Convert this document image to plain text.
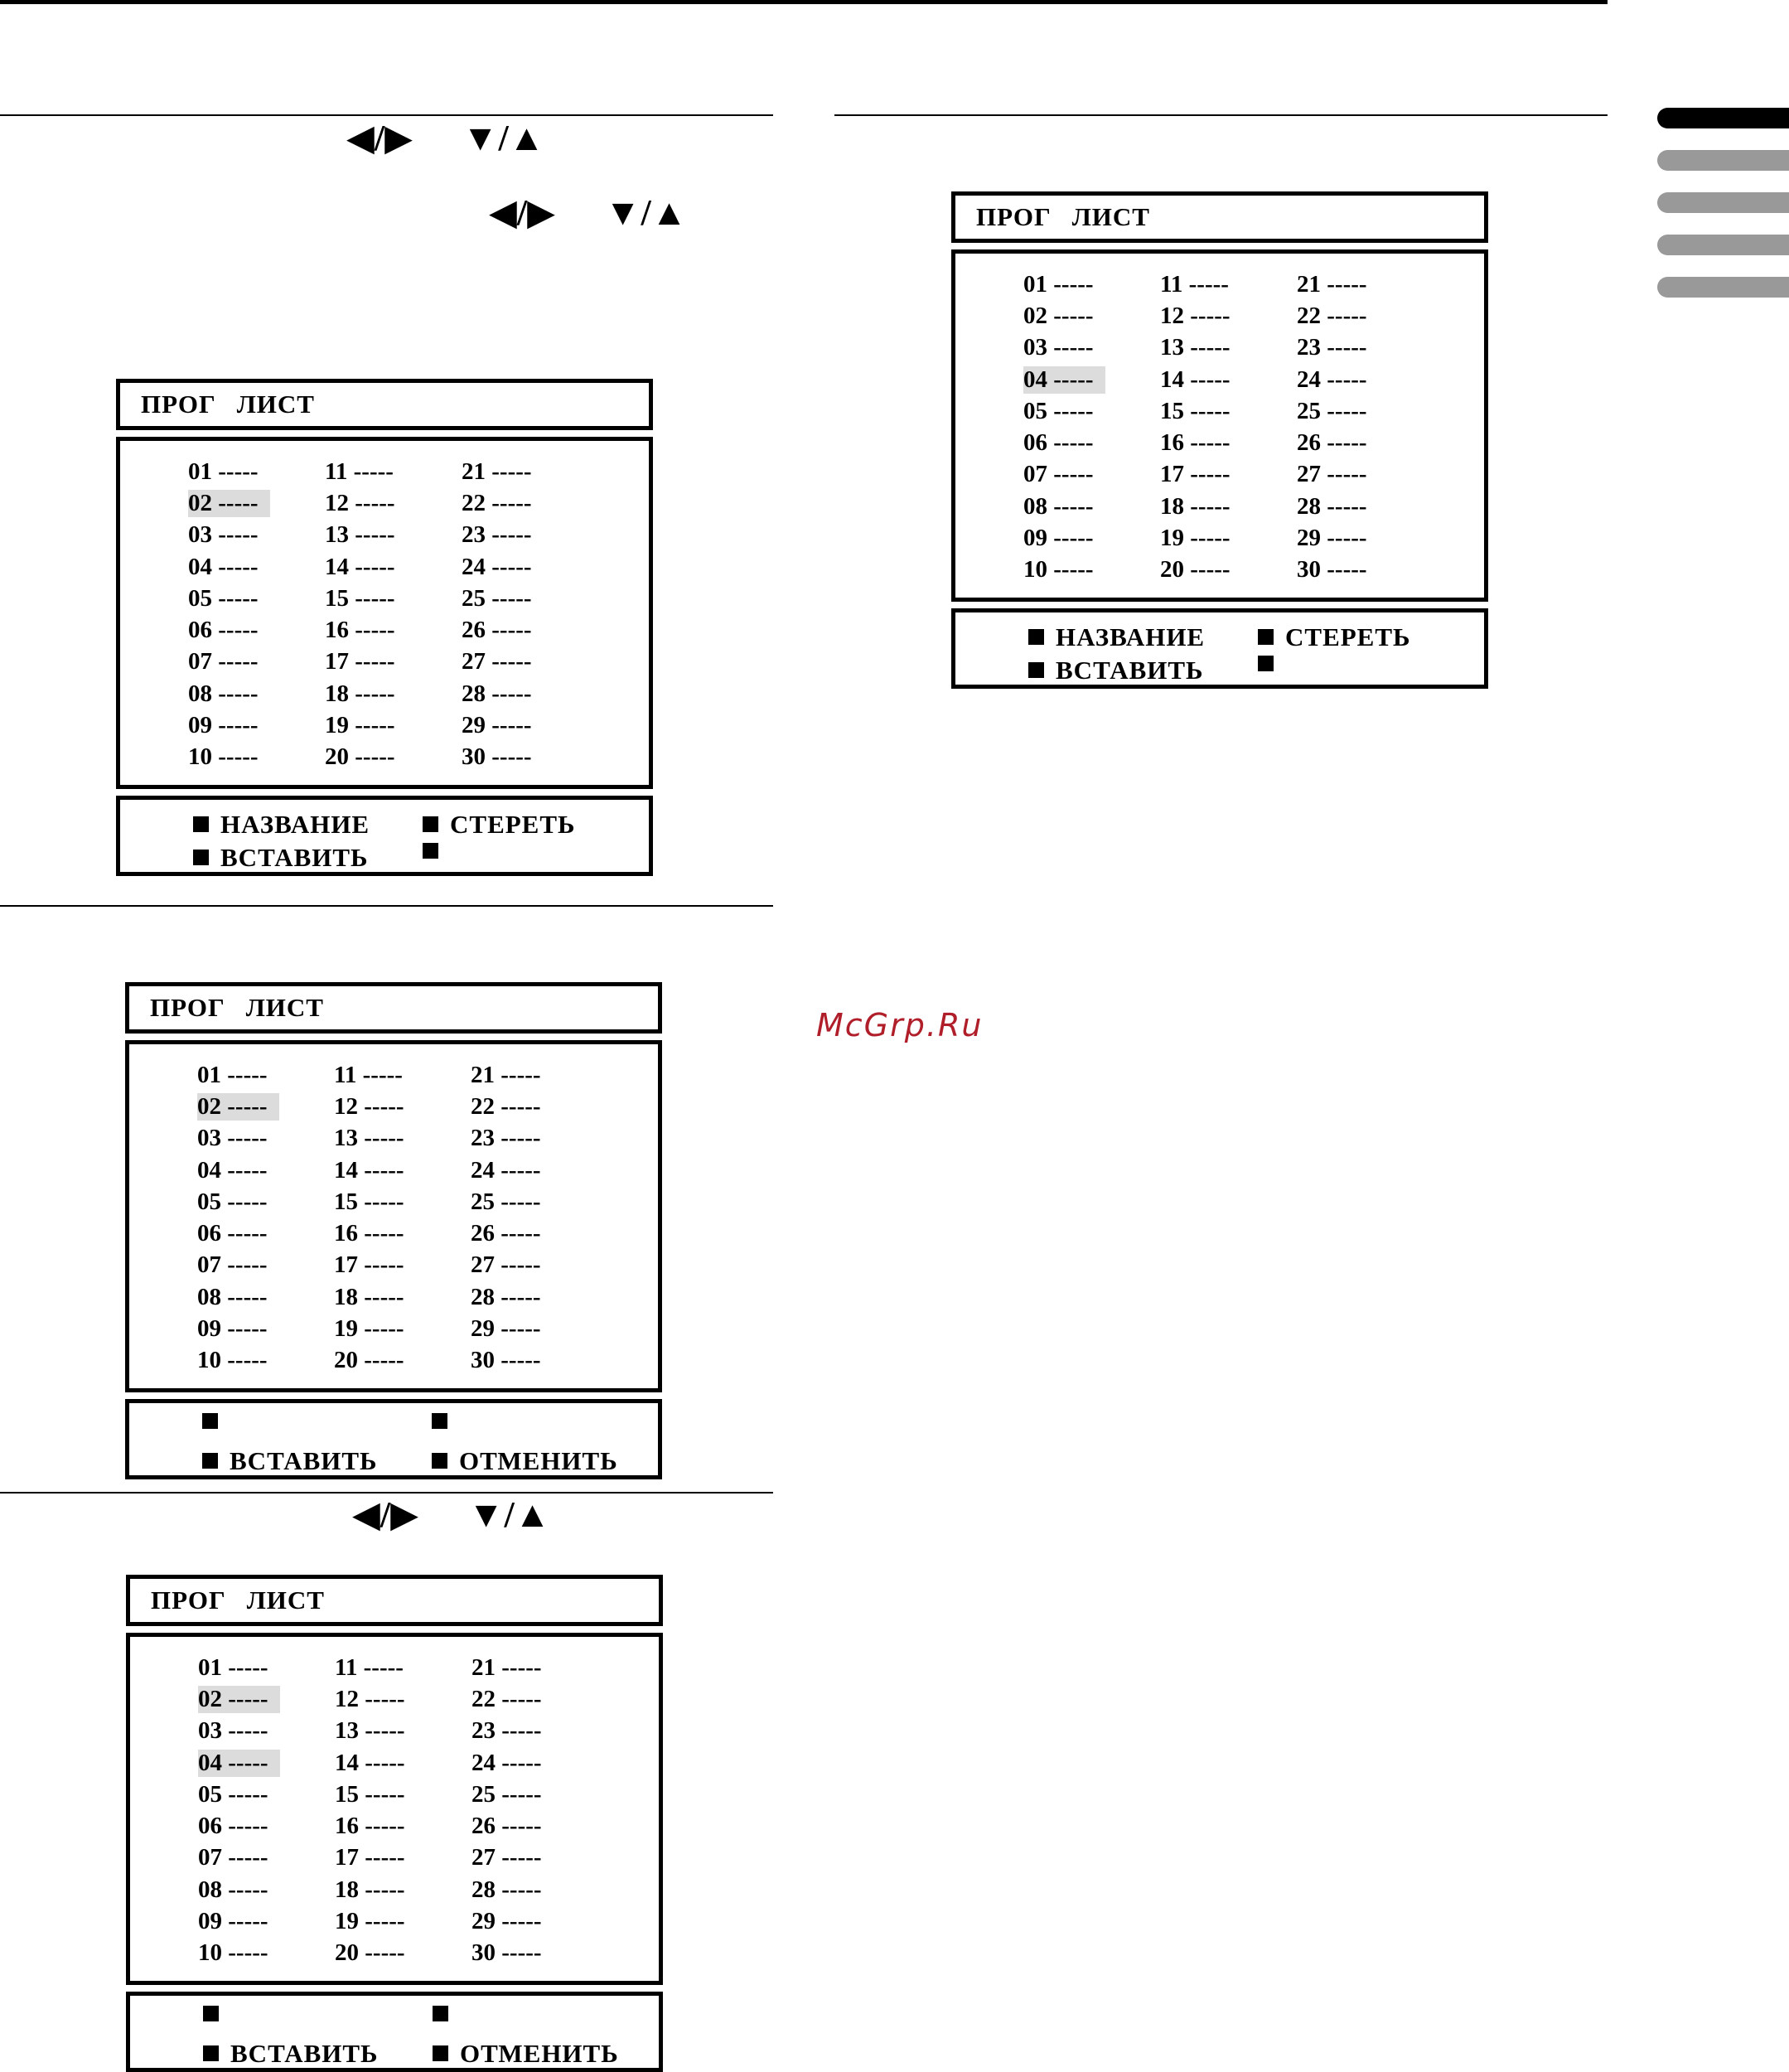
◀/▶ ▼/▲
◀/▶ ▼/▲
◀/▶ ▼/▲
ПРОГ ЛИСТ
01 -----	11 -----	21 -----
02 -----	12 -----	22 -----
03 -----	13 -----	23 -----
04 -----	14 -----	24 -----
05 -----	15 -----	25 -----
06 -----	16 -----	26 -----
07 -----	17 -----	27 -----
08 -----	18 -----	28 -----
09 -----	19 -----	29 -----
10 -----	20 -----	30 -----
НАЗВАНИЕ	СТЕРЕТЬ
ВСТАВИТЬ
ПРОГ ЛИСТ
01 -----	11 -----	21 -----
02 -----	12 -----	22 -----
03 -----	13 -----	23 -----
04 -----	14 -----	24 -----
05 -----	15 -----	25 -----
06 -----	16 -----	26 -----
07 -----	17 -----	27 -----
08 -----	18 -----	28 -----
09 -----	19 -----	29 -----
10 -----	20 -----	30 -----
ВСТАВИТЬ	ОТМЕНИТЬ
ПРОГ ЛИСТ
01 -----	11 -----	21 -----
02 -----	12 -----	22 -----
03 -----	13 -----	23 -----
04 -----	14 -----	24 -----
05 -----	15 -----	25 -----
06 -----	16 -----	26 -----
07 -----	17 -----	27 -----
08 -----	18 -----	28 -----
09 -----	19 -----	29 -----
10 -----	20 -----	30 -----
ВСТАВИТЬ	ОТМЕНИТЬ
ПРОГ ЛИСТ
01 -----	11 -----	21 -----
02 -----	12 -----	22 -----
03 -----	13 -----	23 -----
04 -----	14 -----	24 -----
05 -----	15 -----	25 -----
06 -----	16 -----	26 -----
07 -----	17 -----	27 -----
08 -----	18 -----	28 -----
09 -----	19 -----	29 -----
10 -----	20 -----	30 -----
НАЗВАНИЕ	СТЕРЕТЬ
ВСТАВИТЬ
McGrp.Ru
